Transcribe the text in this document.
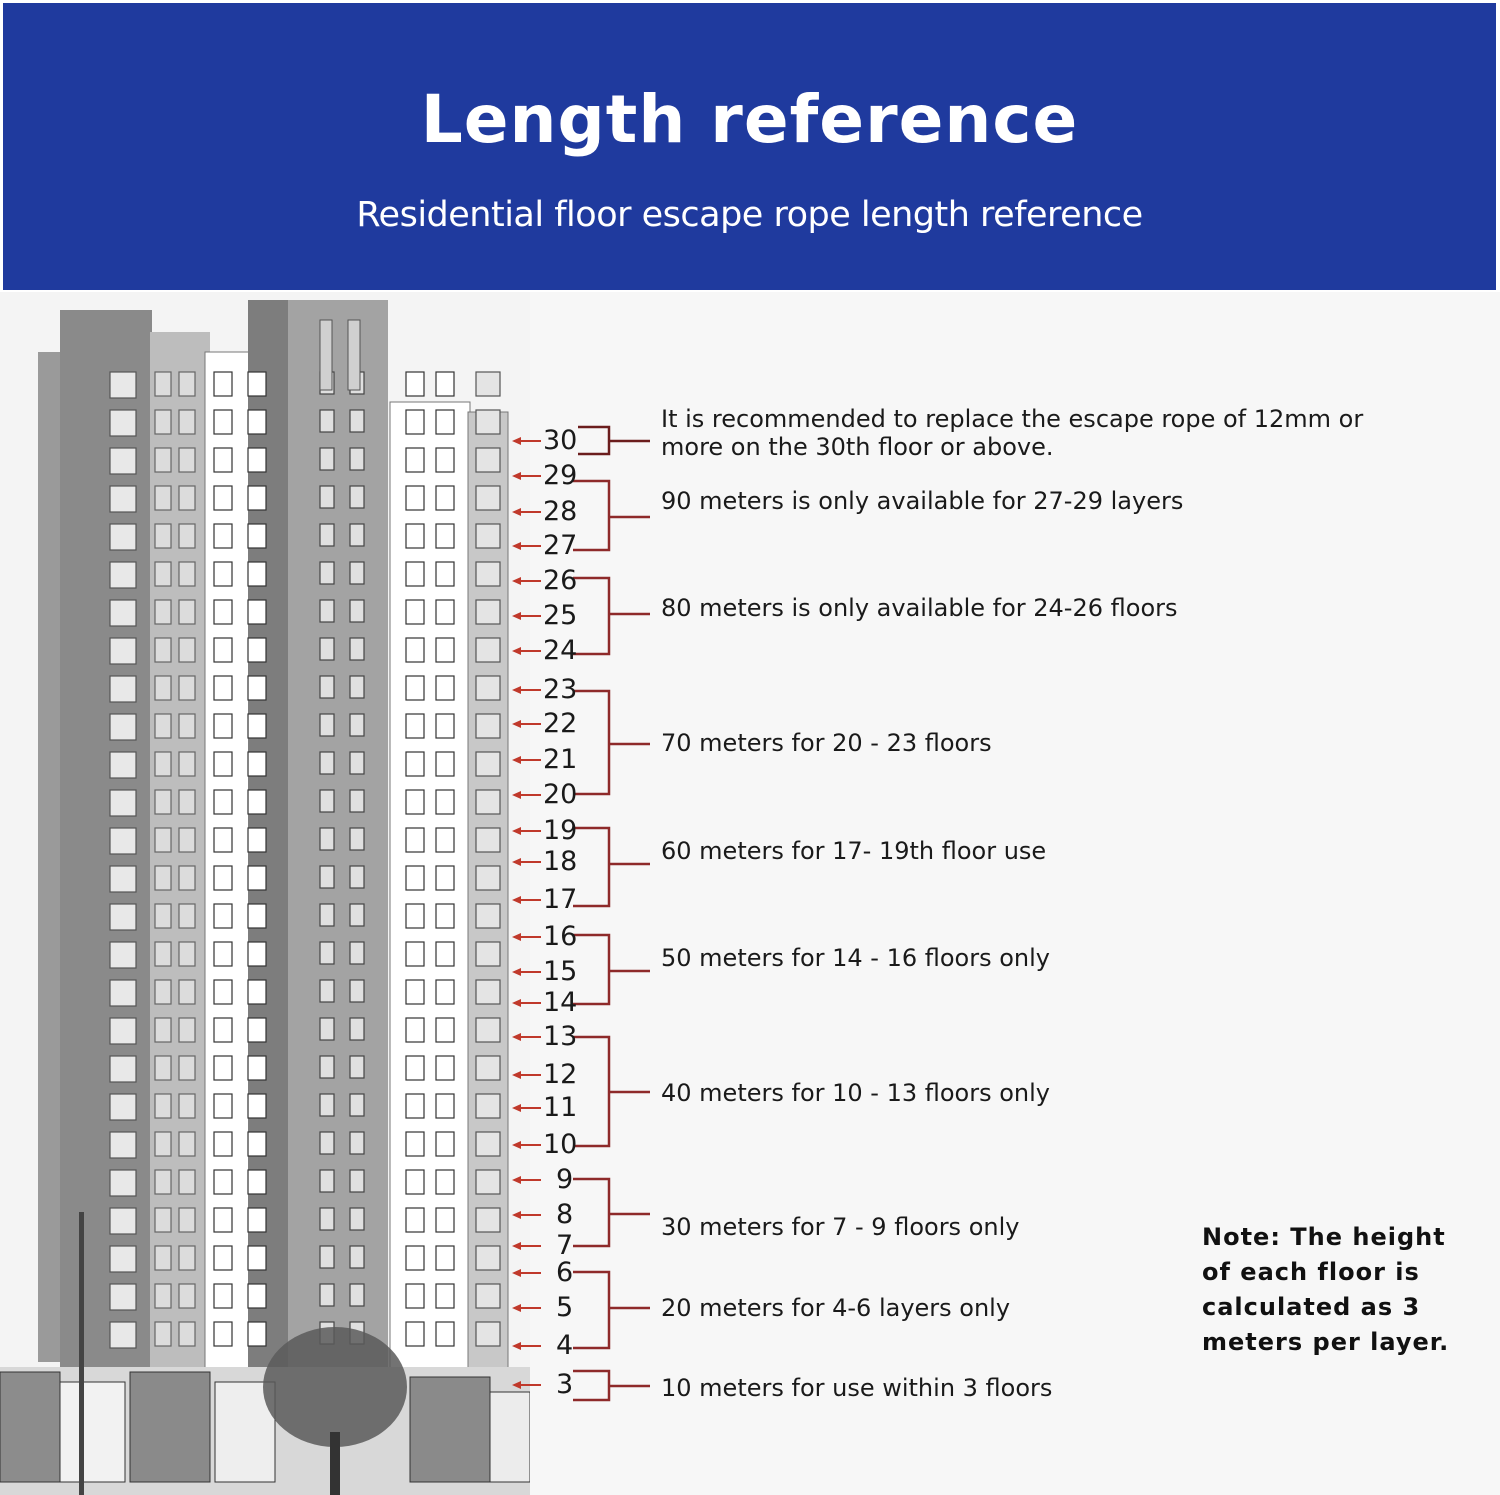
Length reference
Residential floor escape rope length reference
30
29
28
27
26
25
24
23
22
21
20
19
18
17
16
15
14
13
12
11
10
9
8
7
6
5
4
3
It is recommended to replace the escape rope of 12mm or
more on the 30th floor or above.
90 meters is only available for 27-29 layers
80 meters is only available for 24-26 floors
70 meters for 20 - 23 floors
60 meters for 17- 19th floor use
50 meters for 14 - 16 floors only
40 meters for 10 - 13 floors only
30 meters for 7 - 9 floors only
20 meters for 4-6 layers only
10 meters for use within 3 floors
Note: The height of each floor is calculated as 3 meters per layer.
